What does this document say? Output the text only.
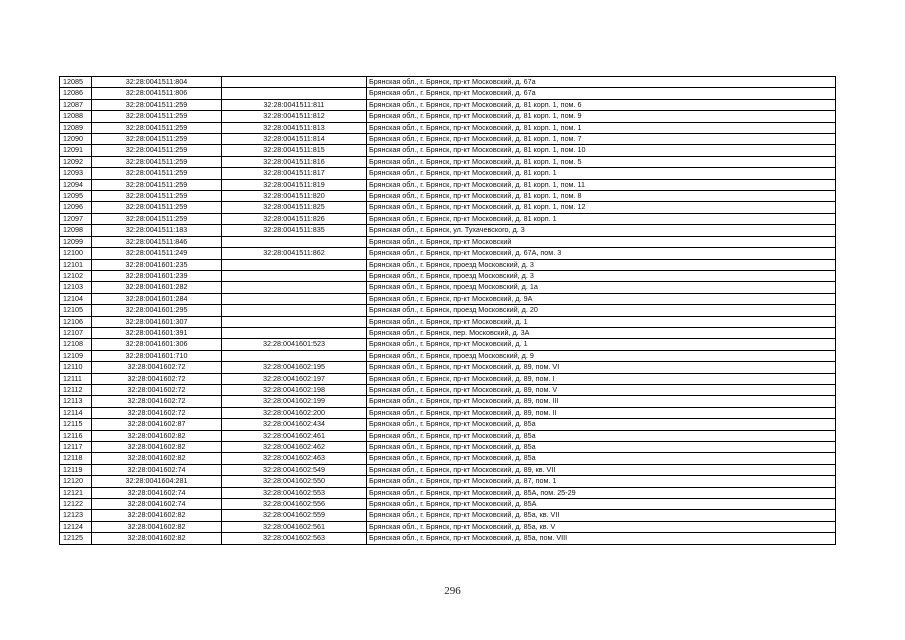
12085	32:28:0041511:804		Брянская обл., г. Брянск, пр-кт Московский, д. 67а
12086	32:28:0041511:806		Брянская обл., г. Брянск, пр-кт Московский, д. 67а
12087	32:28:0041511:259	32:28:0041511:811	Брянская обл., г. Брянск, пр-кт Московский, д. 81 корп. 1, пом. 6
12088	32:28:0041511:259	32:28:0041511:812	Брянская обл., г. Брянск, пр-кт Московский, д. 81 корп. 1, пом. 9
12089	32:28:0041511:259	32:28:0041511:813	Брянская обл., г. Брянск, пр-кт Московский, д. 81 корп. 1, пом. 1
12090	32:28:0041511:259	32:28:0041511:814	Брянская обл., г. Брянск, пр-кт Московский, д. 81 корп. 1, пом. 7
12091	32:28:0041511:259	32:28:0041511:815	Брянская обл., г. Брянск, пр-кт Московский, д. 81 корп. 1, пом. 10
12092	32:28:0041511:259	32:28:0041511:816	Брянская обл., г. Брянск, пр-кт Московский, д. 81 корп. 1, пом. 5
12093	32:28:0041511:259	32:28:0041511:817	Брянская обл., г. Брянск, пр-кт Московский, д. 81 корп. 1
12094	32:28:0041511:259	32:28:0041511:819	Брянская обл., г. Брянск, пр-кт Московский, д. 81 корп. 1, пом. 11
12095	32:28:0041511:259	32:28:0041511:820	Брянская обл., г. Брянск, пр-кт Московский, д. 81 корп. 1, пом. 8
12096	32:28:0041511:259	32:28:0041511:825	Брянская обл., г. Брянск, пр-кт Московский, д. 81 корп. 1, пом. 12
12097	32:28:0041511:259	32:28:0041511:826	Брянская обл., г. Брянск, пр-кт Московский, д. 81 корп. 1
12098	32:28:0041511:183	32:28:0041511:835	Брянская обл., г. Брянск, ул. Тухачевского, д. 3
12099	32:28:0041511:846		Брянская обл., г. Брянск, пр-кт Московский
12100	32:28:0041511:249	32:28:0041511:862	Брянская обл., г. Брянск, пр-кт Московский, д. 67А, пом. 3
12101	32:28:0041601:235		Брянская обл., г. Брянск, проезд Московский, д. 3
12102	32:28:0041601:239		Брянская обл., г. Брянск, проезд Московский, д. 3
12103	32:28:0041601:282		Брянская обл., г. Брянск, проезд Московский, д. 1а
12104	32:28:0041601:284		Брянская обл., г. Брянск, пр-кт Московский, д. 9А
12105	32:28:0041601:295		Брянская обл., г. Брянск, проезд Московский, д. 20
12106	32:28:0041601:307		Брянская обл., г. Брянск, пр-кт Московский, д. 1
12107	32:28:0041601:391		Брянская обл., г. Брянск, пер. Московский, д. 3А
12108	32:28:0041601:306	32:28:0041601:523	Брянская обл., г. Брянск, пр-кт Московский, д. 1
12109	32:28:0041601:710		Брянская обл., г. Брянск, проезд Московский, д. 9
12110	32:28:0041602:72	32:28:0041602:195	Брянская обл., г. Брянск, пр-кт Московский, д. 89, пом. VI
12111	32:28:0041602:72	32:28:0041602:197	Брянская обл., г. Брянск, пр-кт Московский, д. 89, пом. I
12112	32:28:0041602:72	32:28:0041602:198	Брянская обл., г. Брянск, пр-кт Московский, д. 89, пом. V
12113	32:28:0041602:72	32:28:0041602:199	Брянская обл., г. Брянск, пр-кт Московский, д. 89, пом. III
12114	32:28:0041602:72	32:28:0041602:200	Брянская обл., г. Брянск, пр-кт Московский, д. 89, пом. II
12115	32:28:0041602:87	32:28:0041602:434	Брянская обл., г. Брянск, пр-кт Московский, д. 85а
12116	32:28:0041602:82	32:28:0041602:461	Брянская обл., г. Брянск, пр-кт Московский, д. 85а
12117	32:28:0041602:82	32:28:0041602:462	Брянская обл., г. Брянск, пр-кт Московский, д. 85а
12118	32:28:0041602:82	32:28:0041602:463	Брянская обл., г. Брянск, пр-кт Московский, д. 85а
12119	32:28:0041602:74	32:28:0041602:549	Брянская обл., г. Брянск, пр-кт Московский, д. 89, кв. VII
12120	32:28:0041604:281	32:28:0041602:550	Брянская обл., г. Брянск, пр-кт Московский, д. 87, пом. 1
12121	32:28:0041602:74	32:28:0041602:553	Брянская обл., г. Брянск, пр-кт Московский, д. 85А, пом. 25-29
12122	32:28:0041602:74	32:28:0041602:556	Брянская обл., г. Брянск, пр-кт Московский, д. 85А
12123	32:28:0041602:82	32:28:0041602:559	Брянская обл., г. Брянск, пр-кт Московский, д. 85а, кв. VII
12124	32:28:0041602:82	32:28:0041602:561	Брянская обл., г. Брянск, пр-кт Московский, д. 85а, кв. V
12125	32:28:0041602:82	32:28:0041602:563	Брянская обл., г. Брянск, пр-кт Московский, д. 85а, пом. VIII
296
